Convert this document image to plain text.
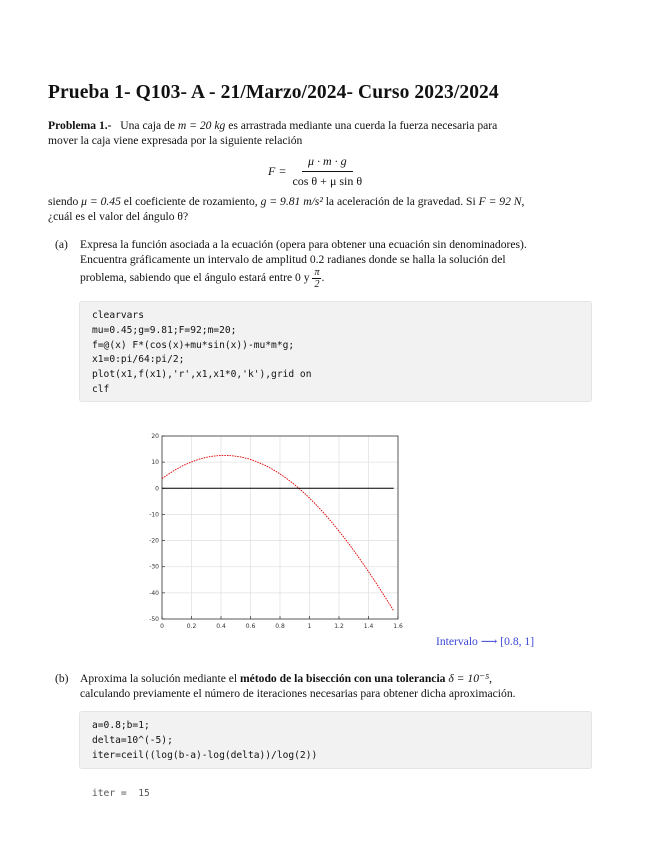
Prueba 1- Q103- A - 21/Marzo/2024- Curso 2023/2024
Problema 1.- Una caja de m = 20 kg es arrastrada mediante una cuerda la fuerza necesaria para
mover la caja viene expresada por la siguiente relación
$F = \frac{\mu \cdot m \cdot g}{\text{cos θ + μ sin θ}}$
siendo μ = 0.45 el coeficiente de rozamiento, g = 9.81 m/s² la aceleración de la gravedad. Si F = 92 N,
¿cuál es el valor del ángulo θ?
(a) Expresa la función asociada a la ecuación (opera para obtener una ecuación sin denominadores).
Encuentra gráficamente un intervalo de amplitud 0.2 radianes donde se halla la solución del
problema, sabiendo que el ángulo estará entre 0 y $\frac{\pi}{2}$ .
clearvars
mu=0.45;g=9.81;F=92;m=20;
f=@(x) F*(cos(x)+mu*sin(x))-mu*m*g;
x1=0:pi/64:pi/2;
plot(x1,f(x1),'r',x1,x1*0,'k'),grid on
clf
0	0.2	0.4	0.6	0.8	1	1.2	1.4	1.6
20
10
0
-10
-20
-30
-40
-50
Intervalo ⟶ [0.8, 1]
(b) Aproxima la solución mediante el método de la bisección con una tolerancia δ = 10⁻⁵,
calculando previamente el número de iteraciones necesarias para obtener dicha aproximación.
a=0.8;b=1;
delta=10^(-5);
iter=ceil((log(b-a)-log(delta))/log(2))
iter =  15
